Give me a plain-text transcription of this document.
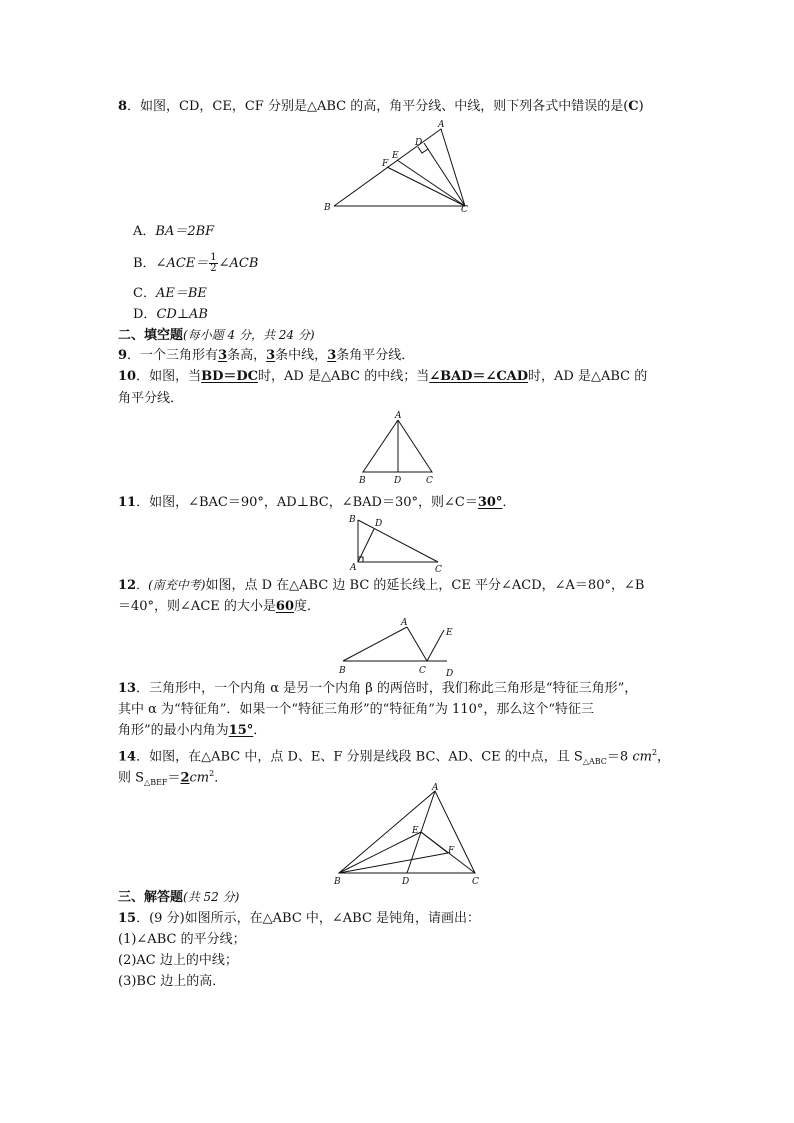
8．如图，CD，CE，CF 分别是△ABC 的高，角平分线、中线，则下列各式中错误的是(C)
A
D
E
F
B	C
A．BA＝2BF
B．∠ACE＝ $\frac{1}{2}$ ∠ACB
C．AE＝BE
D．CD⊥AB
二、填空题(每小题 4 分，共 24 分)
9．一个三角形有3条高，3条中线，3条角平分线．
10．如图，当BD＝DC时，AD 是△ABC 的中线；当∠BAD＝∠CAD时，AD 是△ABC 的
角平分线．
A
B	D	C
11．如图，∠BAC＝90°，AD⊥BC，∠BAD＝30°，则∠C＝30°．
B D
A	C
12．(南充中考)如图，点 D 在△ABC 边 BC 的延长线上，CE 平分∠ACD，∠A＝80°，∠B
＝40°，则∠ACE 的大小是60度．
A
E
B	C D
13．三角形中，一个内角 α 是另一个内角 β 的两倍时，我们称此三角形是“特征三角形”，
其中 α 为“特征角”．如果一个“特征三角形”的“特征角”为 110°，那么这个“特征三
角形”的最小内角为15°．
14．如图，在△ABC 中，点 D、E、F 分别是线段 BC、AD、CE 的中点，且 $S_{\triangle ABC}=8$ $cm^2$，
则 $S_{\triangle BEF}=2cm^2$．
A
E
F
B	D	C
三、解答题(共 52 分)
15．(9 分)如图所示，在△ABC 中，∠ABC 是钝角，请画出：
(1)∠ABC 的平分线；
(2)AC 边上的中线；
(3)BC 边上的高．
